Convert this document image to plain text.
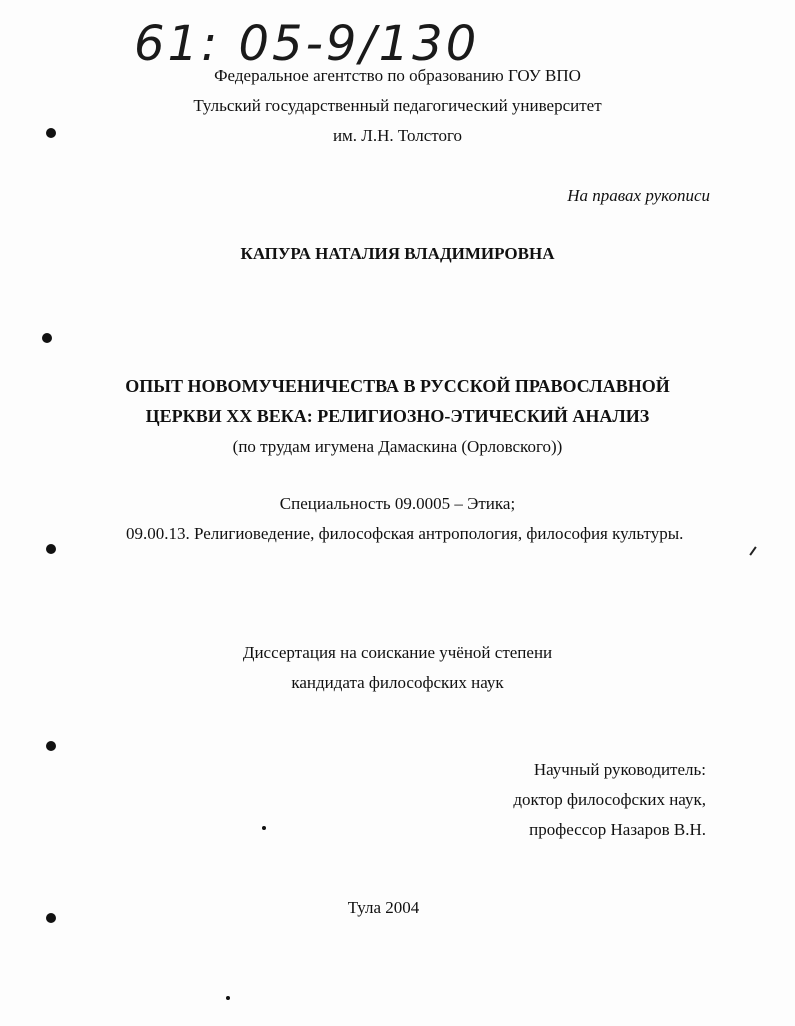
61: 05-9/130
Федеральное агентство по образованию ГОУ ВПО
Тульский государственный педагогический университет
им. Л.Н. Толстого
На правах рукописи
КАПУРА НАТАЛИЯ ВЛАДИМИРОВНА
ОПЫТ НОВОМУЧЕНИЧЕСТВА В РУССКОЙ ПРАВОСЛАВНОЙ
ЦЕРКВИ XX ВЕКА: РЕЛИГИОЗНО-ЭТИЧЕСКИЙ АНАЛИЗ
(по трудам игумена Дамаскина (Орловского))
Специальность 09.0005 – Этика;
09.00.13. Религиоведение, философская антропология, философия культуры.
Диссертация на соискание учёной степени
кандидата философских наук
Научный руководитель:
доктор философских наук,
профессор Назаров В.Н.
Тула 2004
